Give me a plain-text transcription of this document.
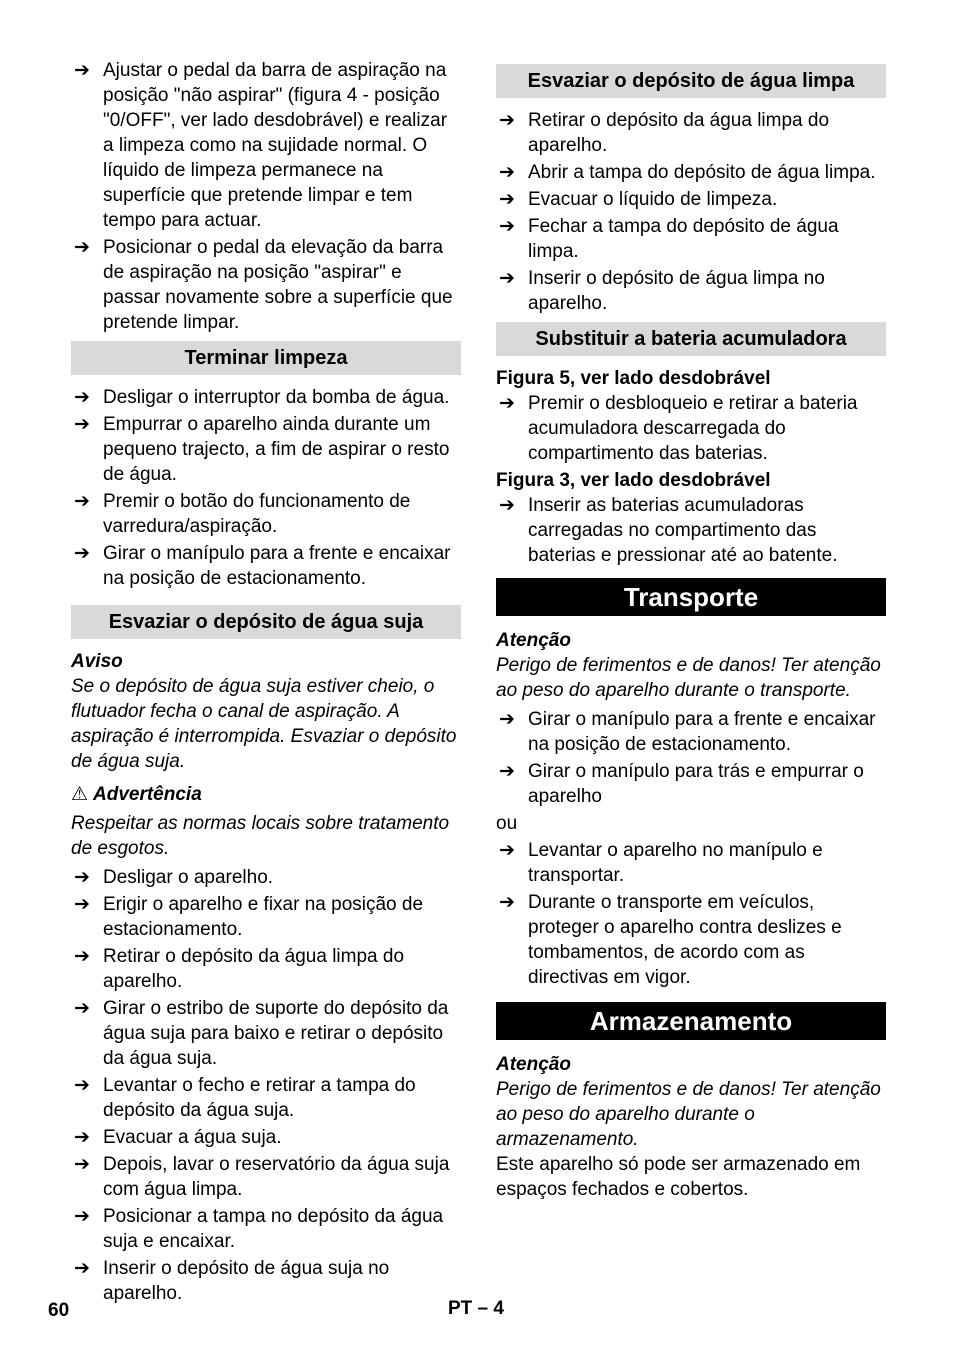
➔ Ajustar o pedal da barra de aspiração na posição "não aspirar" (figura 4 - posição "0/OFF", ver lado desdobrável) e realizar a limpeza como na sujidade normal. O líquido de limpeza permanece na superfície que pretende limpar e tem tempo para actuar.
➔ Posicionar o pedal da elevação da barra de aspiração na posição "aspirar" e passar novamente sobre a superfície que pretende limpar.
Terminar limpeza
➔ Desligar o interruptor da bomba de água.
➔ Empurrar o aparelho ainda durante um pequeno trajecto, a fim de aspirar o resto de água.
➔ Premir o botão do funcionamento de varredura/aspiração.
➔ Girar o manípulo para a frente e encaixar na posição de estacionamento.
Esvaziar o depósito de água suja
Aviso
Se o depósito de água suja estiver cheio, o flutuador fecha o canal de aspiração. A aspiração é interrompida. Esvaziar o depósito de água suja.
⚠ Advertência
Respeitar as normas locais sobre tratamento de esgotos.
➔ Desligar o aparelho.
➔ Erigir o aparelho e fixar na posição de estacionamento.
➔ Retirar o depósito da água limpa do aparelho.
➔ Girar o estribo de suporte do depósito da água suja para baixo e retirar o depósito da água suja.
➔ Levantar o fecho e retirar a tampa do depósito da água suja.
➔ Evacuar a água suja.
➔ Depois, lavar o reservatório da água suja com água limpa.
➔ Posicionar a tampa no depósito da água suja e encaixar.
➔ Inserir o depósito de água suja no aparelho.
Esvaziar o depósito de água limpa
➔ Retirar o depósito da água limpa do aparelho.
➔ Abrir a tampa do depósito de água limpa.
➔ Evacuar o líquido de limpeza.
➔ Fechar a tampa do depósito de água limpa.
➔ Inserir o depósito de água limpa no aparelho.
Substituir a bateria acumuladora
Figura 5, ver lado desdobrável
➔ Premir o desbloqueio e retirar a bateria acumuladora descarregada do compartimento das baterias.
Figura 3, ver lado desdobrável
➔ Inserir as baterias acumuladoras carregadas no compartimento das baterias e pressionar até ao batente.
Transporte
Atenção
Perigo de ferimentos e de danos! Ter atenção ao peso do aparelho durante o transporte.
➔ Girar o manípulo para a frente e encaixar na posição de estacionamento.
➔ Girar o manípulo para trás e empurrar o aparelho
ou
➔ Levantar o aparelho no manípulo e transportar.
➔ Durante o transporte em veículos, proteger o aparelho contra deslizes e tombamentos, de acordo com as directivas em vigor.
Armazenamento
Atenção
Perigo de ferimentos e de danos! Ter atenção ao peso do aparelho durante o armazenamento.
Este aparelho só pode ser armazenado em espaços fechados e cobertos.
60	PT – 4
